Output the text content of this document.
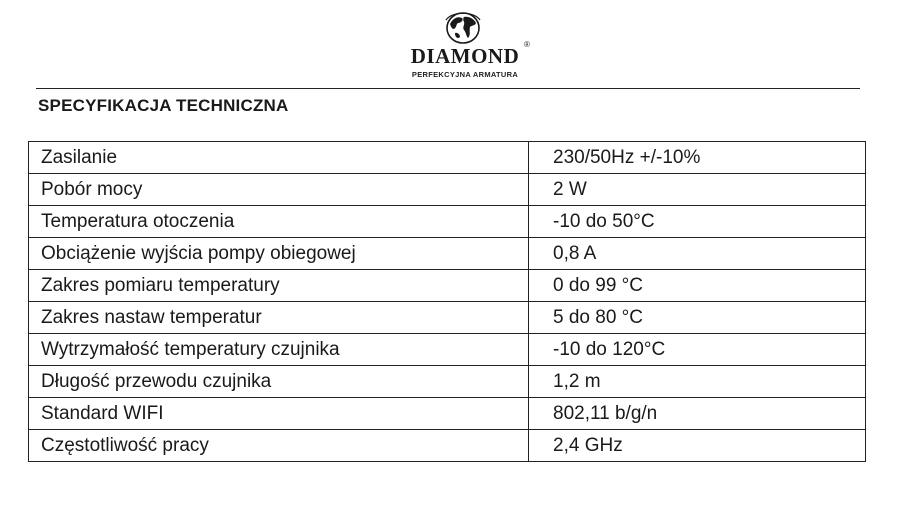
DIAMOND ®
PERFEKCYJNA ARMATURA
SPECYFIKACJA TECHNICZNA
Zasilanie	230/50Hz +/-10%
Pobór mocy	2 W
Temperatura otoczenia	-10 do 50°C
Obciążenie wyjścia pompy obiegowej	0,8 A
Zakres pomiaru temperatury	0 do 99 °C
Zakres nastaw temperatur	5 do 80 °C
Wytrzymałość temperatury czujnika	-10 do 120°C
Długość przewodu czujnika	1,2 m
Standard WIFI	802,11 b/g/n
Częstotliwość pracy	2,4 GHz
